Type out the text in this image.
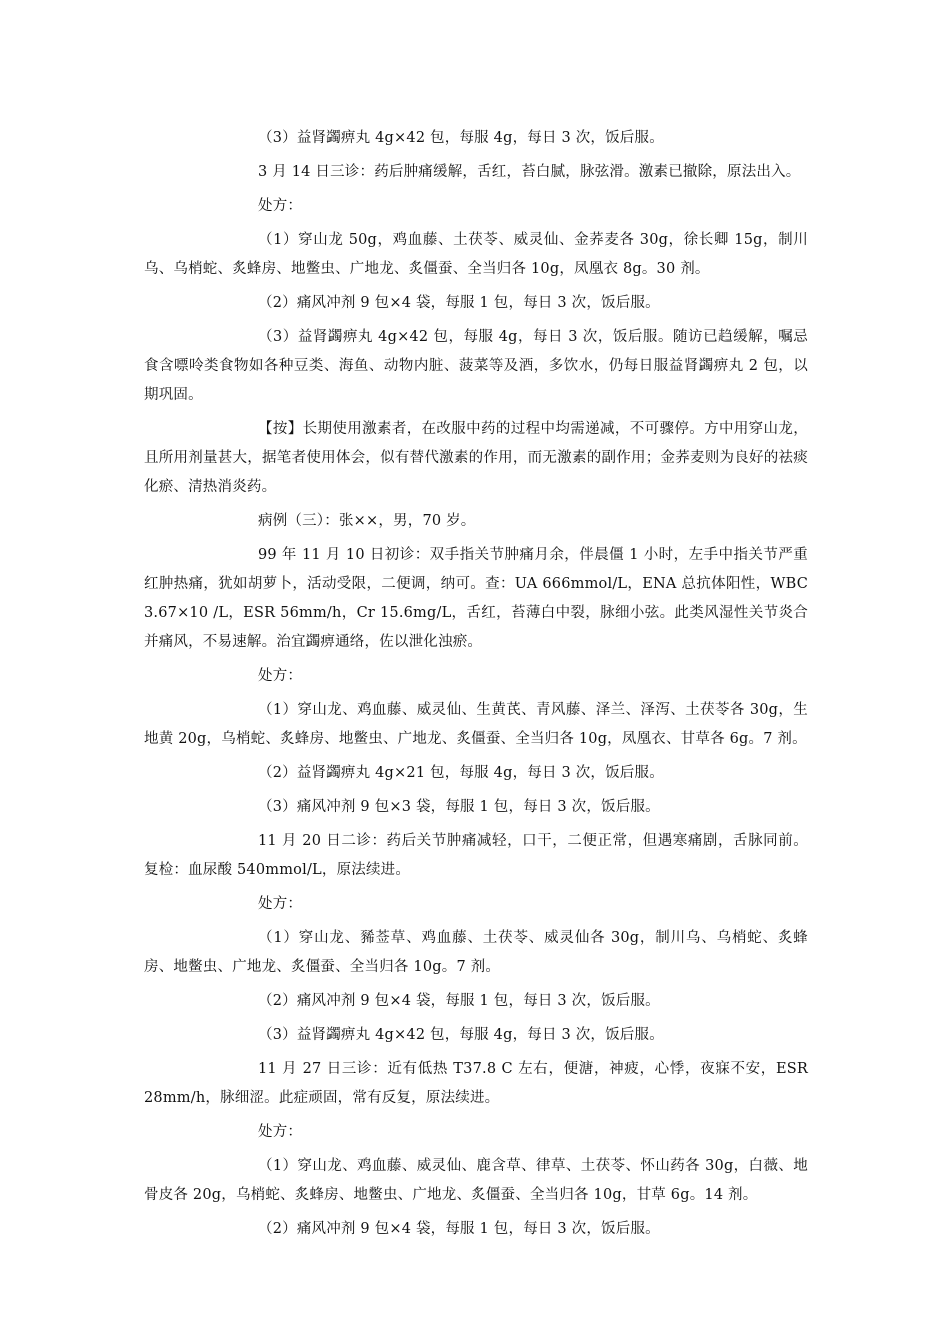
（3）益肾蠲痹丸 4g×42 包，每服 4g，每日 3 次，饭后服。

3 月 14 日三诊：药后肿痛缓解，舌红，苔白腻，脉弦滑。激素已撤除，原法出入。

处方：

（1）穿山龙 50g，鸡血藤、土茯苓、威灵仙、金荞麦各 30g，徐长卿 15g，制川乌、乌梢蛇、炙蜂房、地鳖虫、广地龙、炙僵蚕、全当归各 10g，凤凰衣 8g。30 剂。

（2）痛风冲剂 9 包×4 袋，每服 1 包，每日 3 次，饭后服。

（3）益肾蠲痹丸 4g×42 包，每服 4g，每日 3 次，饭后服。随访已趋缓解，嘱忌食含嘌呤类食物如各种豆类、海鱼、动物内脏、菠菜等及酒，多饮水，仍每日服益肾蠲痹丸 2 包，以期巩固。

【按】长期使用激素者，在改服中药的过程中均需递减，不可骤停。方中用穿山龙，且所用剂量甚大，据笔者使用体会，似有替代激素的作用，而无激素的副作用；金荞麦则为良好的祛痰化瘀、清热消炎药。

病例（三）：张××，男，70 岁。

99 年 11 月 10 日初诊：双手指关节肿痛月余，伴晨僵 1 小时，左手中指关节严重红肿热痛，犹如胡萝卜，活动受限，二便调，纳可。查：UA 666mmol/L，ENA 总抗体阳性，WBC 3.67×10 /L，ESR 56mm/h，Cr 15.6mg/L，舌红，苔薄白中裂，脉细小弦。此类风湿性关节炎合并痛风，不易速解。治宜蠲痹通络，佐以泄化浊瘀。

处方：

（1）穿山龙、鸡血藤、威灵仙、生黄芪、青风藤、泽兰、泽泻、土茯苓各 30g，生地黄 20g，乌梢蛇、炙蜂房、地鳖虫、广地龙、炙僵蚕、全当归各 10g，凤凰衣、甘草各 6g。7 剂。

（2）益肾蠲痹丸 4g×21 包，每服 4g，每日 3 次，饭后服。

（3）痛风冲剂 9 包×3 袋，每服 1 包，每日 3 次，饭后服。

11 月 20 日二诊：药后关节肿痛减轻，口干，二便正常，但遇寒痛剧，舌脉同前。复检：血尿酸 540mmol/L，原法续进。

处方：

（1）穿山龙、豨莶草、鸡血藤、土茯苓、威灵仙各 30g，制川乌、乌梢蛇、炙蜂房、地鳖虫、广地龙、炙僵蚕、全当归各 10g。7 剂。

（2）痛风冲剂 9 包×4 袋，每服 1 包，每日 3 次，饭后服。

（3）益肾蠲痹丸 4g×42 包，每服 4g，每日 3 次，饭后服。

11 月 27 日三诊：近有低热 T37.8 C 左右，便溏，神疲，心悸，夜寐不安，ESR 28mm/h，脉细涩。此症顽固，常有反复，原法续进。

处方：

（1）穿山龙、鸡血藤、威灵仙、鹿含草、律草、土茯苓、怀山药各 30g，白薇、地骨皮各 20g，乌梢蛇、炙蜂房、地鳖虫、广地龙、炙僵蚕、全当归各 10g，甘草 6g。14 剂。

（2）痛风冲剂 9 包×4 袋，每服 1 包，每日 3 次，饭后服。
